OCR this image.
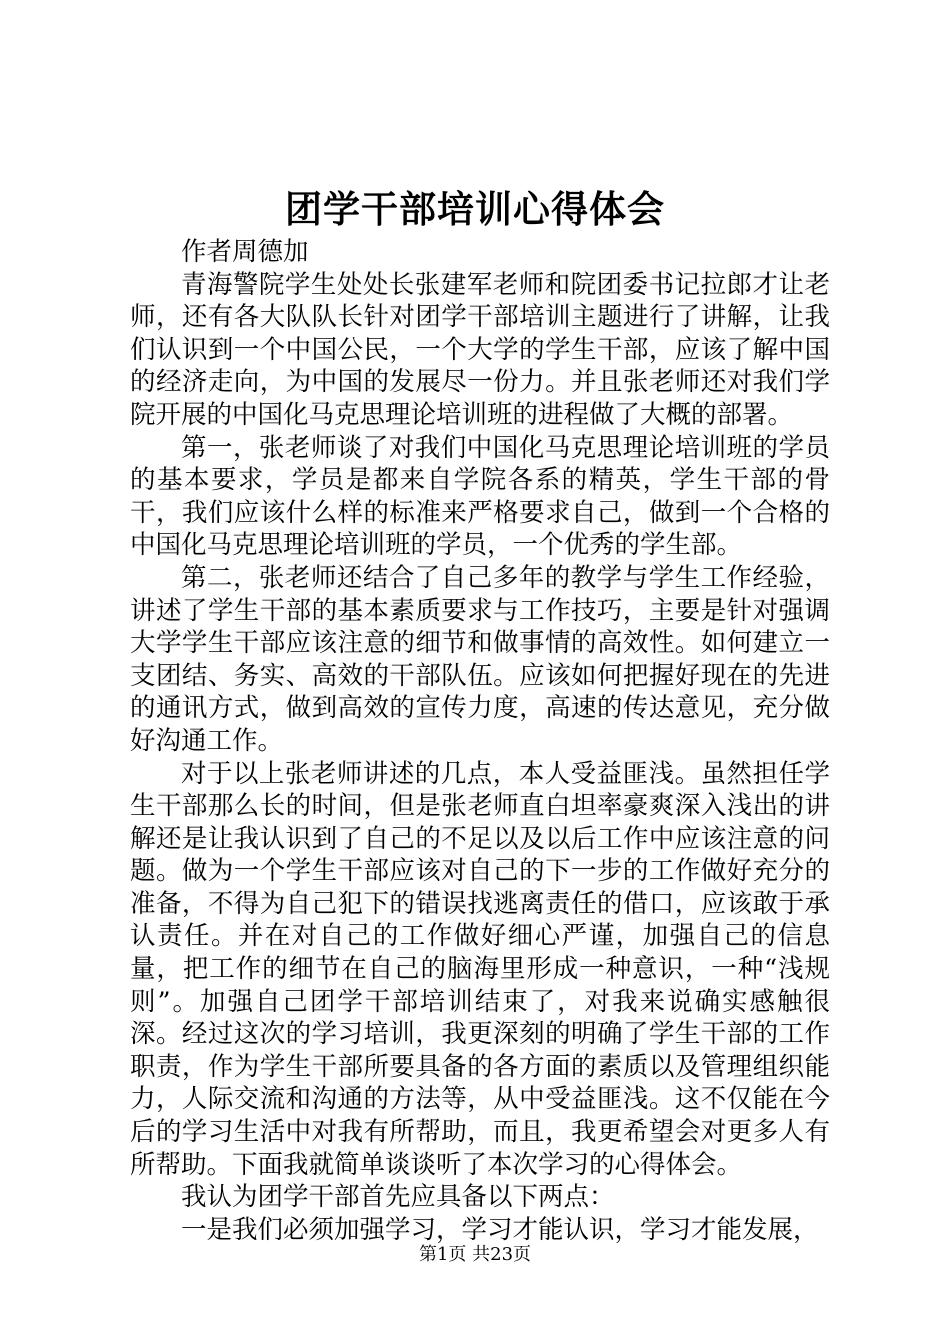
团学干部培训心得体会

作者周德加

青海警院学生处处长张建军老师和院团委书记拉郎才让老师，还有各大队队长针对团学干部培训主题进行了讲解，让我们认识到一个中国公民，一个大学的学生干部，应该了解中国的经济走向，为中国的发展尽一份力。并且张老师还对我们学院开展的中国化马克思理论培训班的进程做了大概的部署。

第一，张老师谈了对我们中国化马克思理论培训班的学员的基本要求，学员是都来自学院各系的精英，学生干部的骨干，我们应该什么样的标准来严格要求自己，做到一个合格的中国化马克思理论培训班的学员，一个优秀的学生部。

第二，张老师还结合了自己多年的教学与学生工作经验，讲述了学生干部的基本素质要求与工作技巧，主要是针对强调大学学生干部应该注意的细节和做事情的高效性。如何建立一支团结、务实、高效的干部队伍。应该如何把握好现在的先进的通讯方式，做到高效的宣传力度，高速的传达意见，充分做好沟通工作。

对于以上张老师讲述的几点，本人受益匪浅。虽然担任学生干部那么长的时间，但是张老师直白坦率豪爽深入浅出的讲解还是让我认识到了自己的不足以及以后工作中应该注意的问题。做为一个学生干部应该对自己的下一步的工作做好充分的准备，不得为自己犯下的错误找逃离责任的借口，应该敢于承认责任。并在对自己的工作做好细心严谨，加强自己的信息量，把工作的细节在自己的脑海里形成一种意识，一种“浅规则”。加强自己团学干部培训结束了，对我来说确实感触很深。经过这次的学习培训，我更深刻的明确了学生干部的工作职责，作为学生干部所要具备的各方面的素质以及管理组织能力，人际交流和沟通的方法等，从中受益匪浅。这不仅能在今后的学习生活中对我有所帮助，而且，我更希望会对更多人有所帮助。下面我就简单谈谈听了本次学习的心得体会。

我认为团学干部首先应具备以下两点：

一是我们必须加强学习，学习才能认识，学习才能发展，

第1页 共23页
